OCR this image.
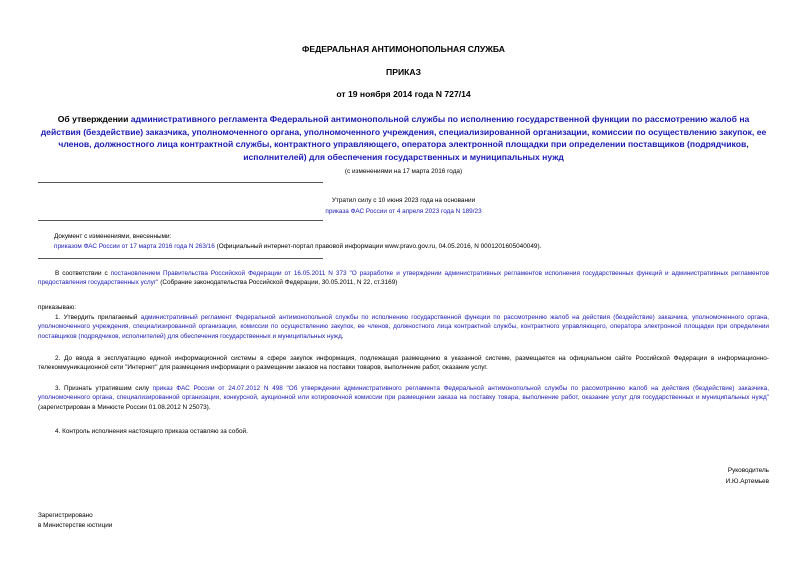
ФЕДЕРАЛЬНАЯ АНТИМОНОПОЛЬНАЯ СЛУЖБА
ПРИКАЗ
от 19 ноября 2014 года N 727/14
Об утверждении административного регламента Федеральной антимонопольной службы по исполнению государственной функции по рассмотрению жалоб на действия (бездействие) заказчика, уполномоченного органа, уполномоченного учреждения, специализированной организации, комиссии по осуществлению закупок, ее членов, должностного лица контрактной службы, контрактного управляющего, оператора электронной площадки при определении поставщиков (подрядчиков, исполнителей) для обеспечения государственных и муниципальных нужд
(с изменениями на 17 марта 2016 года)
Утратил силу с 10 июня 2023 года на основании
приказа ФАС России от 4 апреля 2023 года N 189/23
Документ с изменениями, внесенными:
приказом ФАС России от 17 марта 2016 года N 263/16 (Официальный интернет-портал правовой информации www.pravo.gov.ru, 04.05.2016, N 0001201605040049).
В соответствии с постановлением Правительства Российской Федерации от 16.05.2011 N 373 "О разработке и утверждении административных регламентов исполнения государственных функций и административных регламентов предоставления государственных услуг" (Собрание законодательства Российской Федерации, 30.05.2011, N 22, ст.3169)
приказываю:
1. Утвердить прилагаемый административный регламент Федеральной антимонопольной службы по исполнению государственной функции по рассмотрению жалоб на действия (бездействие) заказчика, уполномоченного органа, уполномоченного учреждения, специализированной организации, комиссии по осуществлению закупок, ее членов, должностного лица контрактной службы, контрактного управляющего, оператора электронной площадки при определении поставщиков (подрядчиков, исполнителей) для обеспечения государственных и муниципальных нужд.
2. До ввода в эксплуатацию единой информационной системы в сфере закупок информация, подлежащая размещению в указанной системе, размещается на официальном сайте Российской Федерации в информационно-телекоммуникационной сети "Интернет" для размещения информации о размещении заказов на поставки товаров, выполнение работ, оказание услуг.
3. Признать утратившим силу приказ ФАС России от 24.07.2012 N 498 "Об утверждении административного регламента Федеральной антимонопольной службы по рассмотрению жалоб на действия (бездействие) заказчика, уполномоченного органа, специализированной организации, конкурсной, аукционной или котировочной комиссии при размещении заказа на поставку товара, выполнение работ, оказание услуг для государственных и муниципальных нужд" (зарегистрирован в Минюсте России 01.08.2012 N 25073).
4. Контроль исполнения настоящего приказа оставляю за собой.
Руководитель
И.Ю.Артемьев
Зарегистрировано
в Министерстве юстиции
